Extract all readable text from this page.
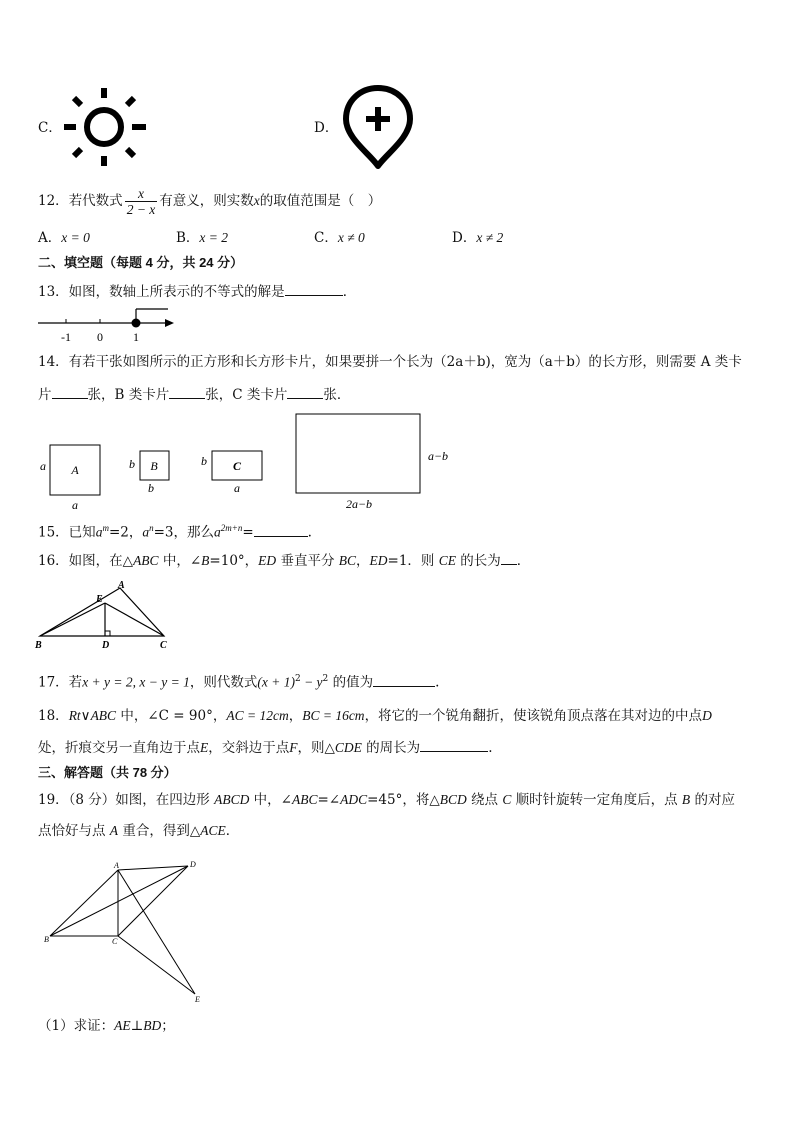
C．	D．
12．若代数式 $\frac{x}{2 - x}$ 有意义，则实数x的取值范围是（　）
A．x = 0	B．x = 2	C．x ≠ 0	D．x ≠ 2
二、填空题（每题 4 分，共 24 分）
13．如图，数轴上所表示的不等式的解是	．
-1 0	1
14．有若干张如图所示的正方形和长方形卡片，如果要拼一个长为（2a＋b)，宽为（a＋b）的长方形，则需要 A 类卡
片	张，B 类卡片	张，C 类卡片	张．
A
a
a
B
b
b
C
b
a
a−b
2a−b
15．已知$a^m=2$，$a^n=3$，那么$a^{2m+n}=$	.
16．如图，在△ABC 中，∠B=10°，ED 垂直平分 BC，ED=1．则 CE 的长为 ．
A
E
B	D	C
17．若x + y = 2, x − y = 1，则代数式$(x + 1)^2 - y^2$ 的值为	.
18．Rt∨ABC 中，∠C = 90°，AC = 12cm，BC = 16cm，将它的一个锐角翻折，使该锐角顶点落在其对边的中点D
处，折痕交另一直角边于点E，交斜边于点F，则△CDE 的周长为	.
三、解答题（共 78 分）
19．（8 分）如图，在四边形 ABCD 中，∠ABC=∠ADC=45°，将△BCD 绕点 C 顺时针旋转一定角度后，点 B 的对应
点恰好与点 A 重合，得到△ACE．
A	D
B	C
E
（1）求证：AE⊥BD；
